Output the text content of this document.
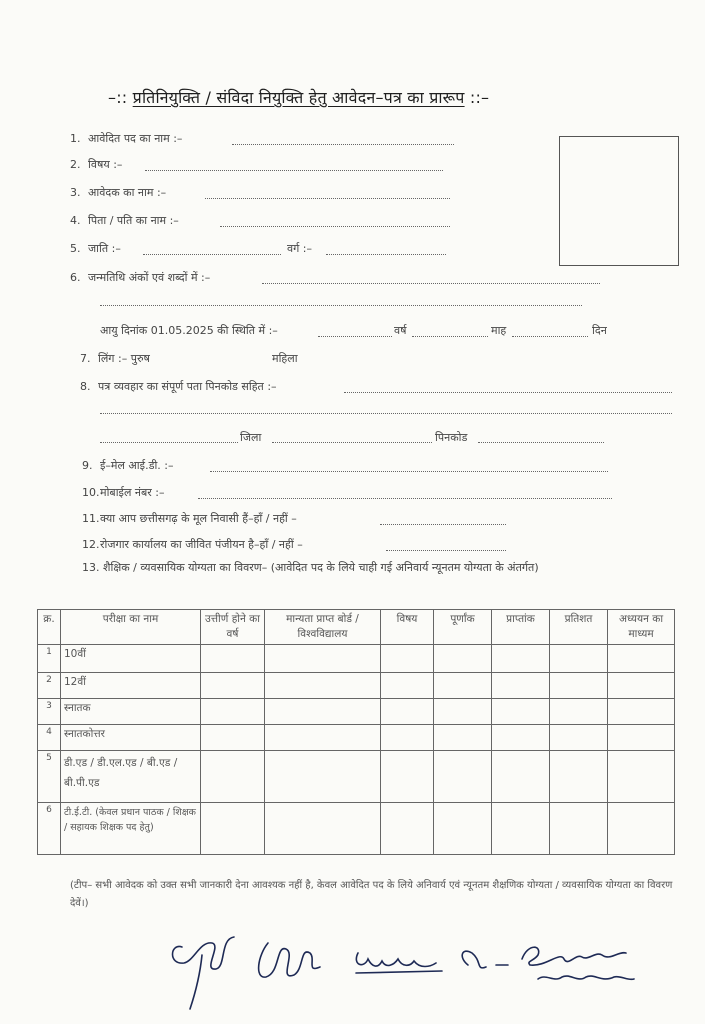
–:: प्रतिनियुक्ति / संविदा नियुक्ति हेतु आवेदन–पत्र का प्रारूप ::–
1. आवेदित पद का नाम :–
2. विषय :–
3. आवेदक का नाम :–
4. पिता / पति का नाम :–
5. जाति :–	वर्ग :–
6. जन्मतिथि अंकों एवं शब्दों में :–
आयु दिनांक 01.05.2025 की स्थिति में :–	वर्ष	माह	दिन
7. लिंग :– पुरुष	महिला
8. पत्र व्यवहार का संपूर्ण पता पिनकोड सहित :–
जिला	पिनकोड
9. ई–मेल आई.डी. :–
10.मोबाईल नंबर :–
11.क्या आप छत्तीसगढ़ के मूल निवासी हैं–हाँ / नहीं –
12.रोजगार कार्यालय का जीवित पंजीयन है–हाँ / नहीं –
13. शैक्षिक / व्यवसायिक योग्यता का विवरण– (आवेदित पद के लिये चाही गई अनिवार्य न्यूनतम योग्यता के अंतर्गत)
क्र.	परीक्षा का नाम	उत्तीर्ण होने का वर्ष	मान्यता प्राप्त बोर्ड / विश्वविद्यालय	विषय	पूर्णांक	प्राप्तांक	प्रतिशत	अध्ययन का माध्यम
1	10वीं							
2	12वीं							
3	स्नातक							
4	स्नातकोत्तर							
5	डी.एड / डी.एल.एड / बी.एड / बी.पी.एड							
6	टी.ई.टी. (केवल प्रधान पाठक / शिक्षक / सहायक शिक्षक पद हेतु)							
(टीप– सभी आवेदक को उक्त सभी जानकारी देना आवश्यक नहीं है, केवल आवेदित पद के लिये अनिवार्य एवं न्यूनतम शैक्षणिक योग्यता / व्यवसायिक योग्यता का विवरण देवें।)
